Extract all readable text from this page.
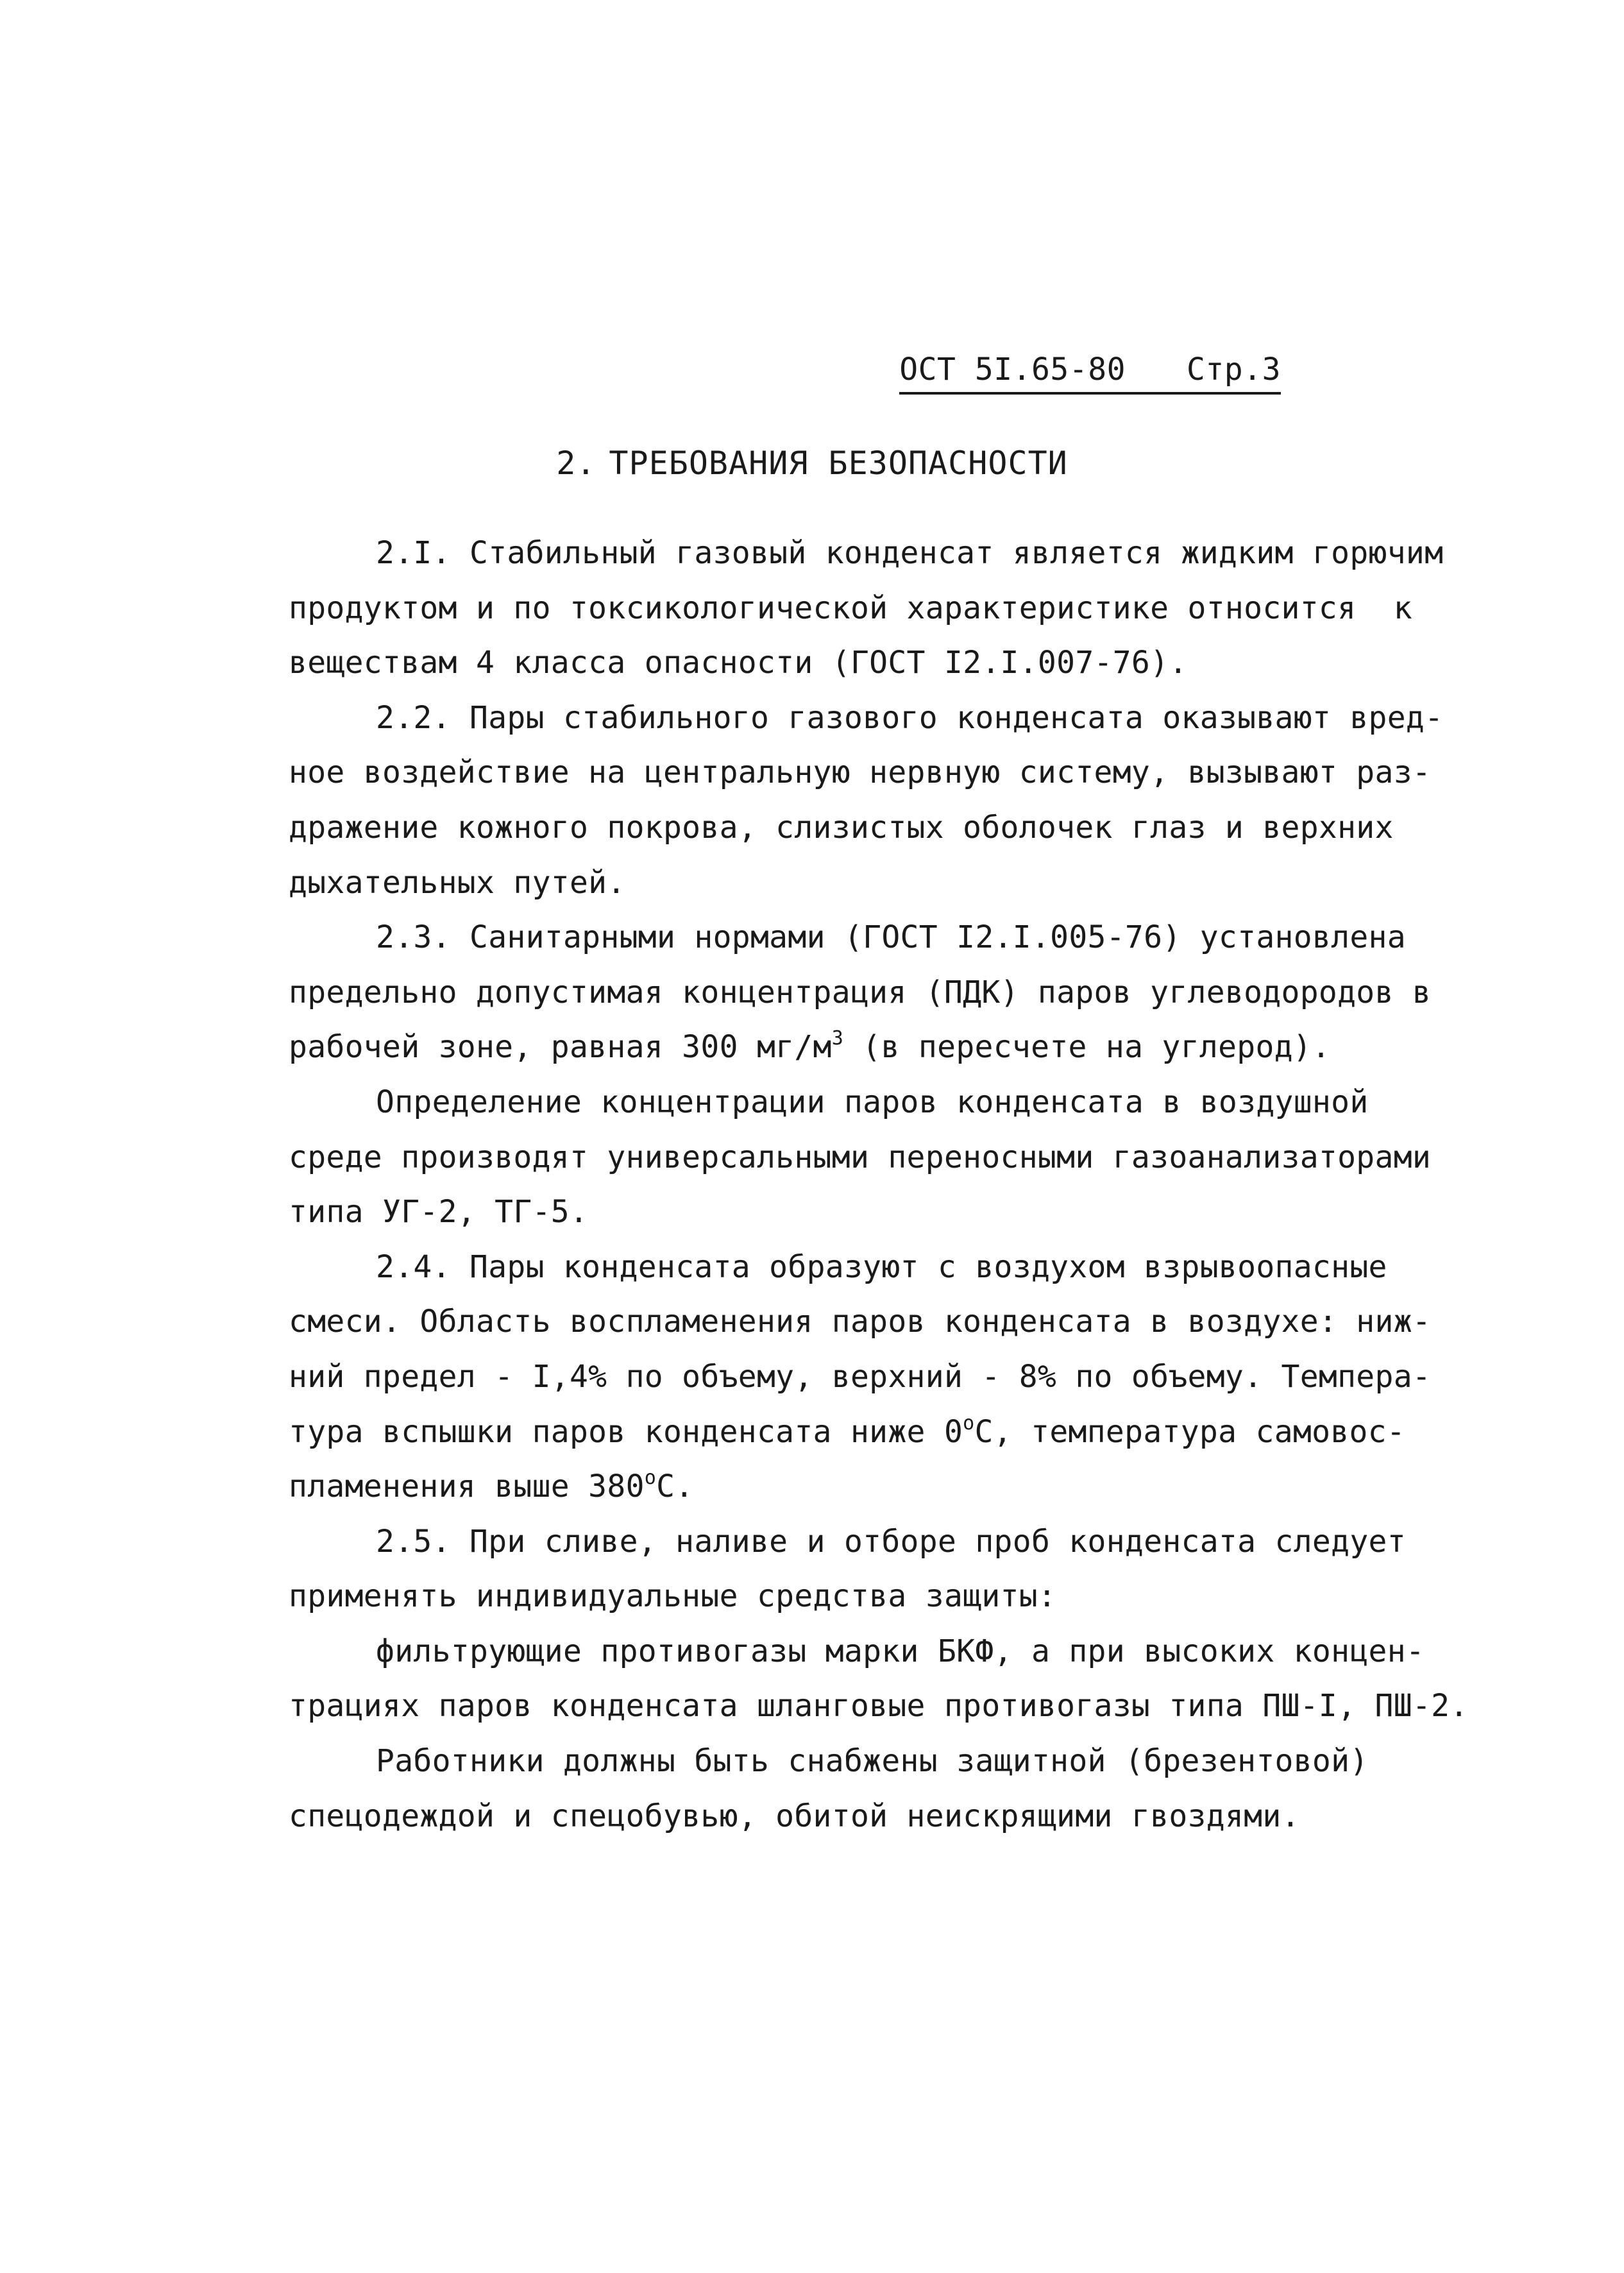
ОСТ 5I.65-80 Стр.3
2. ТРЕБОВАНИЯ БЕЗОПАСНОСТИ
2.I. Стабильный газовый конденсат является жидким горючим
продуктом и по токсикологической характеристике относится  к
веществам 4 класса опасности (ГОСТ I2.I.007-76).
2.2. Пары стабильного газового конденсата оказывают вред-
ное воздействие на центральную нервную систему, вызывают раз-
дражение кожного покрова, слизистых оболочек глаз и верхних
дыхательных путей.
2.3. Санитарными нормами (ГОСТ I2.I.005-76) установлена
предельно допустимая концентрация (ПДК) паров углеводородов в
рабочей зоне, равная 300 $мг/м^3$ (в пересчете на углерод).
Определение концентрации паров конденсата в воздушной
среде производят универсальными переносными газоанализаторами
типа УГ-2, ТГ-5.
2.4. Пары конденсата образуют с воздухом взрывоопасные
смеси. Область воспламенения паров конденсата в воздухе: ниж-
ний предел - I,4% по объему, верхний - 8% по объему. Темпера-
тура вспышки паров конденсата ниже $0^оС$, температура самовос-
пламенения выше $380^оС$.
2.5. При сливе, наливе и отборе проб конденсата следует
применять индивидуальные средства защиты:
фильтрующие противогазы марки БКФ, а при высоких концен-
трациях паров конденсата шланговые противогазы типа ПШ-I, ПШ-2.
Работники должны быть снабжены защитной (брезентовой)
спецодеждой и спецобувью, обитой неискрящими гвоздями.
